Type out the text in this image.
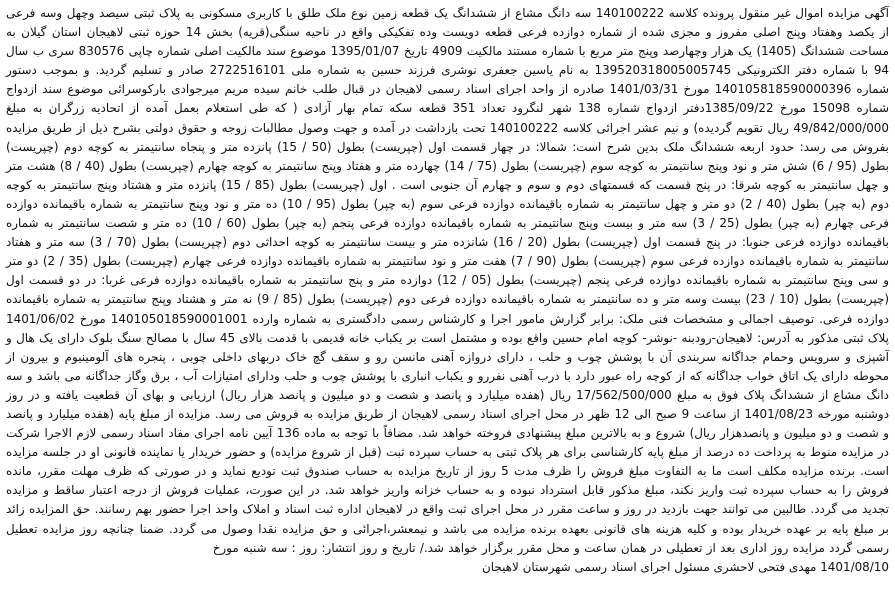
آگهی مزایده اموال غیر منقول پرونده کلاسه 140100222 سه دانگ مشاع از ششدانگ یک قطعه زمین نوع ملک طلق با کاربری مسکونی به پلاک ثبتی سیصد وچهل وسه فرعی از یکصد وهفتاد وپنج اصلی مفروز و مجزی شده از شماره دوازده فرعی قطعه دویست وده تفکیکی واقع در ناحیه سنگی(قریه) بخش 14 حوزه ثبتی لاهیجان استان گیلان به مساحت ششدانگ (1405) یک هزار وچهارصد وپنج متر مربع با شماره مستند مالکیت 4909 تاریخ 1395/01/07 موضوع سند مالکیت اصلی شماره چاپی 830576 سری ب سال 94 با شماره دفتر الکترونیکی 139520318005005745 به نام یاسین جعفری نوشری فرزند حسین به شماره ملی 2722516101 صادر و تسلیم گردید. و بموجب دستور شماره 140105818590000396 مورخ 1401/03/31 صادره از واحد اجرای اسناد رسمی لاهیجان در قبال طلب خانم سیده مریم میرجوادی بارکوسرائی موضوع سند ازدواج شماره 15098 مورخ 1385/09/22دفتر ازدواج شماره 138 شهر لنگرود تعداد 351 قطعه سکه تمام بهار آزادی ( که طی استعلام بعمل آمده از اتحادیه زرگران به مبلغ 49/842/000/000 ریال تقویم گردیده) و نیم عشر اجرائی کلاسه 140100222 تحت بازداشت در آمده و جهت وصول مطالبات زوجه و حقوق دولتی بشرح ذیل از طریق مزایده بفروش می رسد: حدود اربعه ششدانگ ملک بدین شرح است: شمالا: در چهار قسمت اول (چپریست) بطول (50 / 15) پانزده متر و پنجاه سانتیمتر به کوچه دوم (چپریست) بطول (95 / 6) شش متر و نود وپنج سانتیمتر به کوچه سوم (چپریست) بطول (75 / 14) چهارده متر و هفتاد وپنج سانتیمتر به کوچه چهارم (چپریست) بطول (40 / 8) هشت متر و چهل سانتیمتر به کوچه شرقا: در پنج قسمت که قسمتهای دوم و سوم و چهارم آن جنوبی است . اول (چپریست) بطول (85 / 15) پانزده متر و هشتاد وپنج سانتیمتر به کوچه دوم (به چپر) بطول (40 / 2) دو متر و چهل سانتیمتر به شماره باقیمانده دوازده فرعی سوم (به چپر) بطول (95 / 10) ده متر و نود وپنج سانتیمتر به شماره باقیمانده دوازده فرعی چهارم (به چپر) بطول (25 / 3) سه متر و بیست وپنج سانتیمتر به شماره باقیمانده دوازده فرعی پنجم (به چپر) بطول (60 / 10) ده متر و شصت سانتیمتر به شماره باقیمانده دوازده فرعی جنوبا: در پنج قسمت اول (چپریست) بطول (20 / 16) شانزده متر و بیست سانتیمتر به کوچه احداثی دوم (چپریست) بطول (70 / 3) سه متر و هفتاد سانتیمتر به شماره باقیمانده دوازده فرعی سوم (چپریست) بطول (90 / 7) هفت متر و نود سانتیمتر به شماره باقیمانده دوازده فرعی چهارم (چپریست) بطول (35 / 2) دو متر و سی وپنج سانتیمتر به شماره باقیمانده دوازده فرعی پنجم (چپریست) بطول (05 / 12) دوازده متر و پنج سانتیمتر به شماره باقیمانده دوازده فرعی غربا: در دو قسمت اول (چپریست) بطول (10 / 23) بیست وسه متر و ده سانتیمتر به شماره باقیمانده دوازده فرعی دوم (چپریست) بطول (85 / 9) نه متر و هشتاد وپنج سانتیمتر به شماره باقیمانده دوازده فرعی. توصیف اجمالی و مشخصات فنی ملک: برابر گزارش مامور اجرا و کارشناس رسمی دادگستری به شماره وارده 140105018590001001 مورخ 1401/06/02 پلاک ثبتی مذکور به آدرس: لاهیجان-رودبنه -نوشر- کوچه امام حسین واقع بوده و مشتمل است بر یکباب خانه قدیمی با قدمت بالای 45 سال با مصالح سنگ بلوک دارای یک هال و آشپزی و سرویس وحمام جداگانه سربندی آن با پوشش چوب و حلب ، دارای دروازه آهنی مانسن رو و سقف گچ خاک دربهای داخلی چوبی ، پنجره های آلومینیوم و بیرون از محوطه دارای یک اتاق خواب جداگانه که از کوچه راه عبور دارد با درب آهنی نفررو و یکباب انباری با پوشش چوب و حلب ودارای امتیازات آب ، برق وگاز جداگانه می باشد و سه دانگ مشاع از ششدانگ پلاک فوق به مبلغ 17/562/500/000 ریال (هفده میلیارد و پانصد و شصت و دو میلیون و پانصد هزار ریال) ارزیابی و بهای آن قطعیت یافته و در روز دوشنبه مورخه 1401/08/23 از ساعت 9 صبح الی 12 ظهر در محل اجرای اسناد رسمی لاهیجان از طریق مزایده به فروش می رسد. مزایده از مبلغ پایه (هفده میلیارد و پانصد و شصت و دو میلیون و پانصدهزار ریال) شروع و به بالاترین مبلغ پیشنهادی فروخته خواهد شد. مضافاً با توجه به ماده 136 آیین نامه اجرای مفاد اسناد رسمی لازم الاجرا شرکت در مزایده منوط به پرداخت ده درصد از مبلغ پایه کارشناسی برای هر پلاک ثبتی به حساب سپرده ثبت (قبل از شروع مزایده) و حضور خریدار یا نماینده قانونی او در جلسه مزایده است. برنده مزایده مکلف است ما به التفاوت مبلغ فروش را ظرف مدت 5 روز از تاریخ مزایده به حساب صندوق ثبت تودیع نماید و در صورتی که ظرف مهلت مقرر، مانده فروش را به حساب سپرده ثبت واریز نکند، مبلغ مذکور قابل استرداد نبوده و به حساب خزانه واریز خواهد شد. در این صورت، عملیات فروش از درجه اعتبار ساقط و مزایده تجدید می گردد. طالبین می توانند جهت بازدید در روز و ساعت مقرر در محل اجرای ثبت واقع در لاهیجان اداره ثبت اسناد و املاک واحد اجرا حضور بهم رسانند. حق المزایده زائد بر مبلغ پایه بر عهده خریدار بوده و کلیه هزینه های قانونی بعهده برنده مزایده می باشد و نیمعشر،اجرائی و حق مزایده نقدا وصول می گردد. ضمنا چنانچه روز مزایده تعطیل رسمی گردد مزایده روز اداری بعد از تعطیلی در همان ساعت و محل مقرر برگزار خواهد شد./ تاریخ و روز انتشار: روز : سه شنبه مورخ

1401/08/10 مهدی فتحی لاحشری مسئول اجرای اسناد رسمی شهرستان لاهیجان
